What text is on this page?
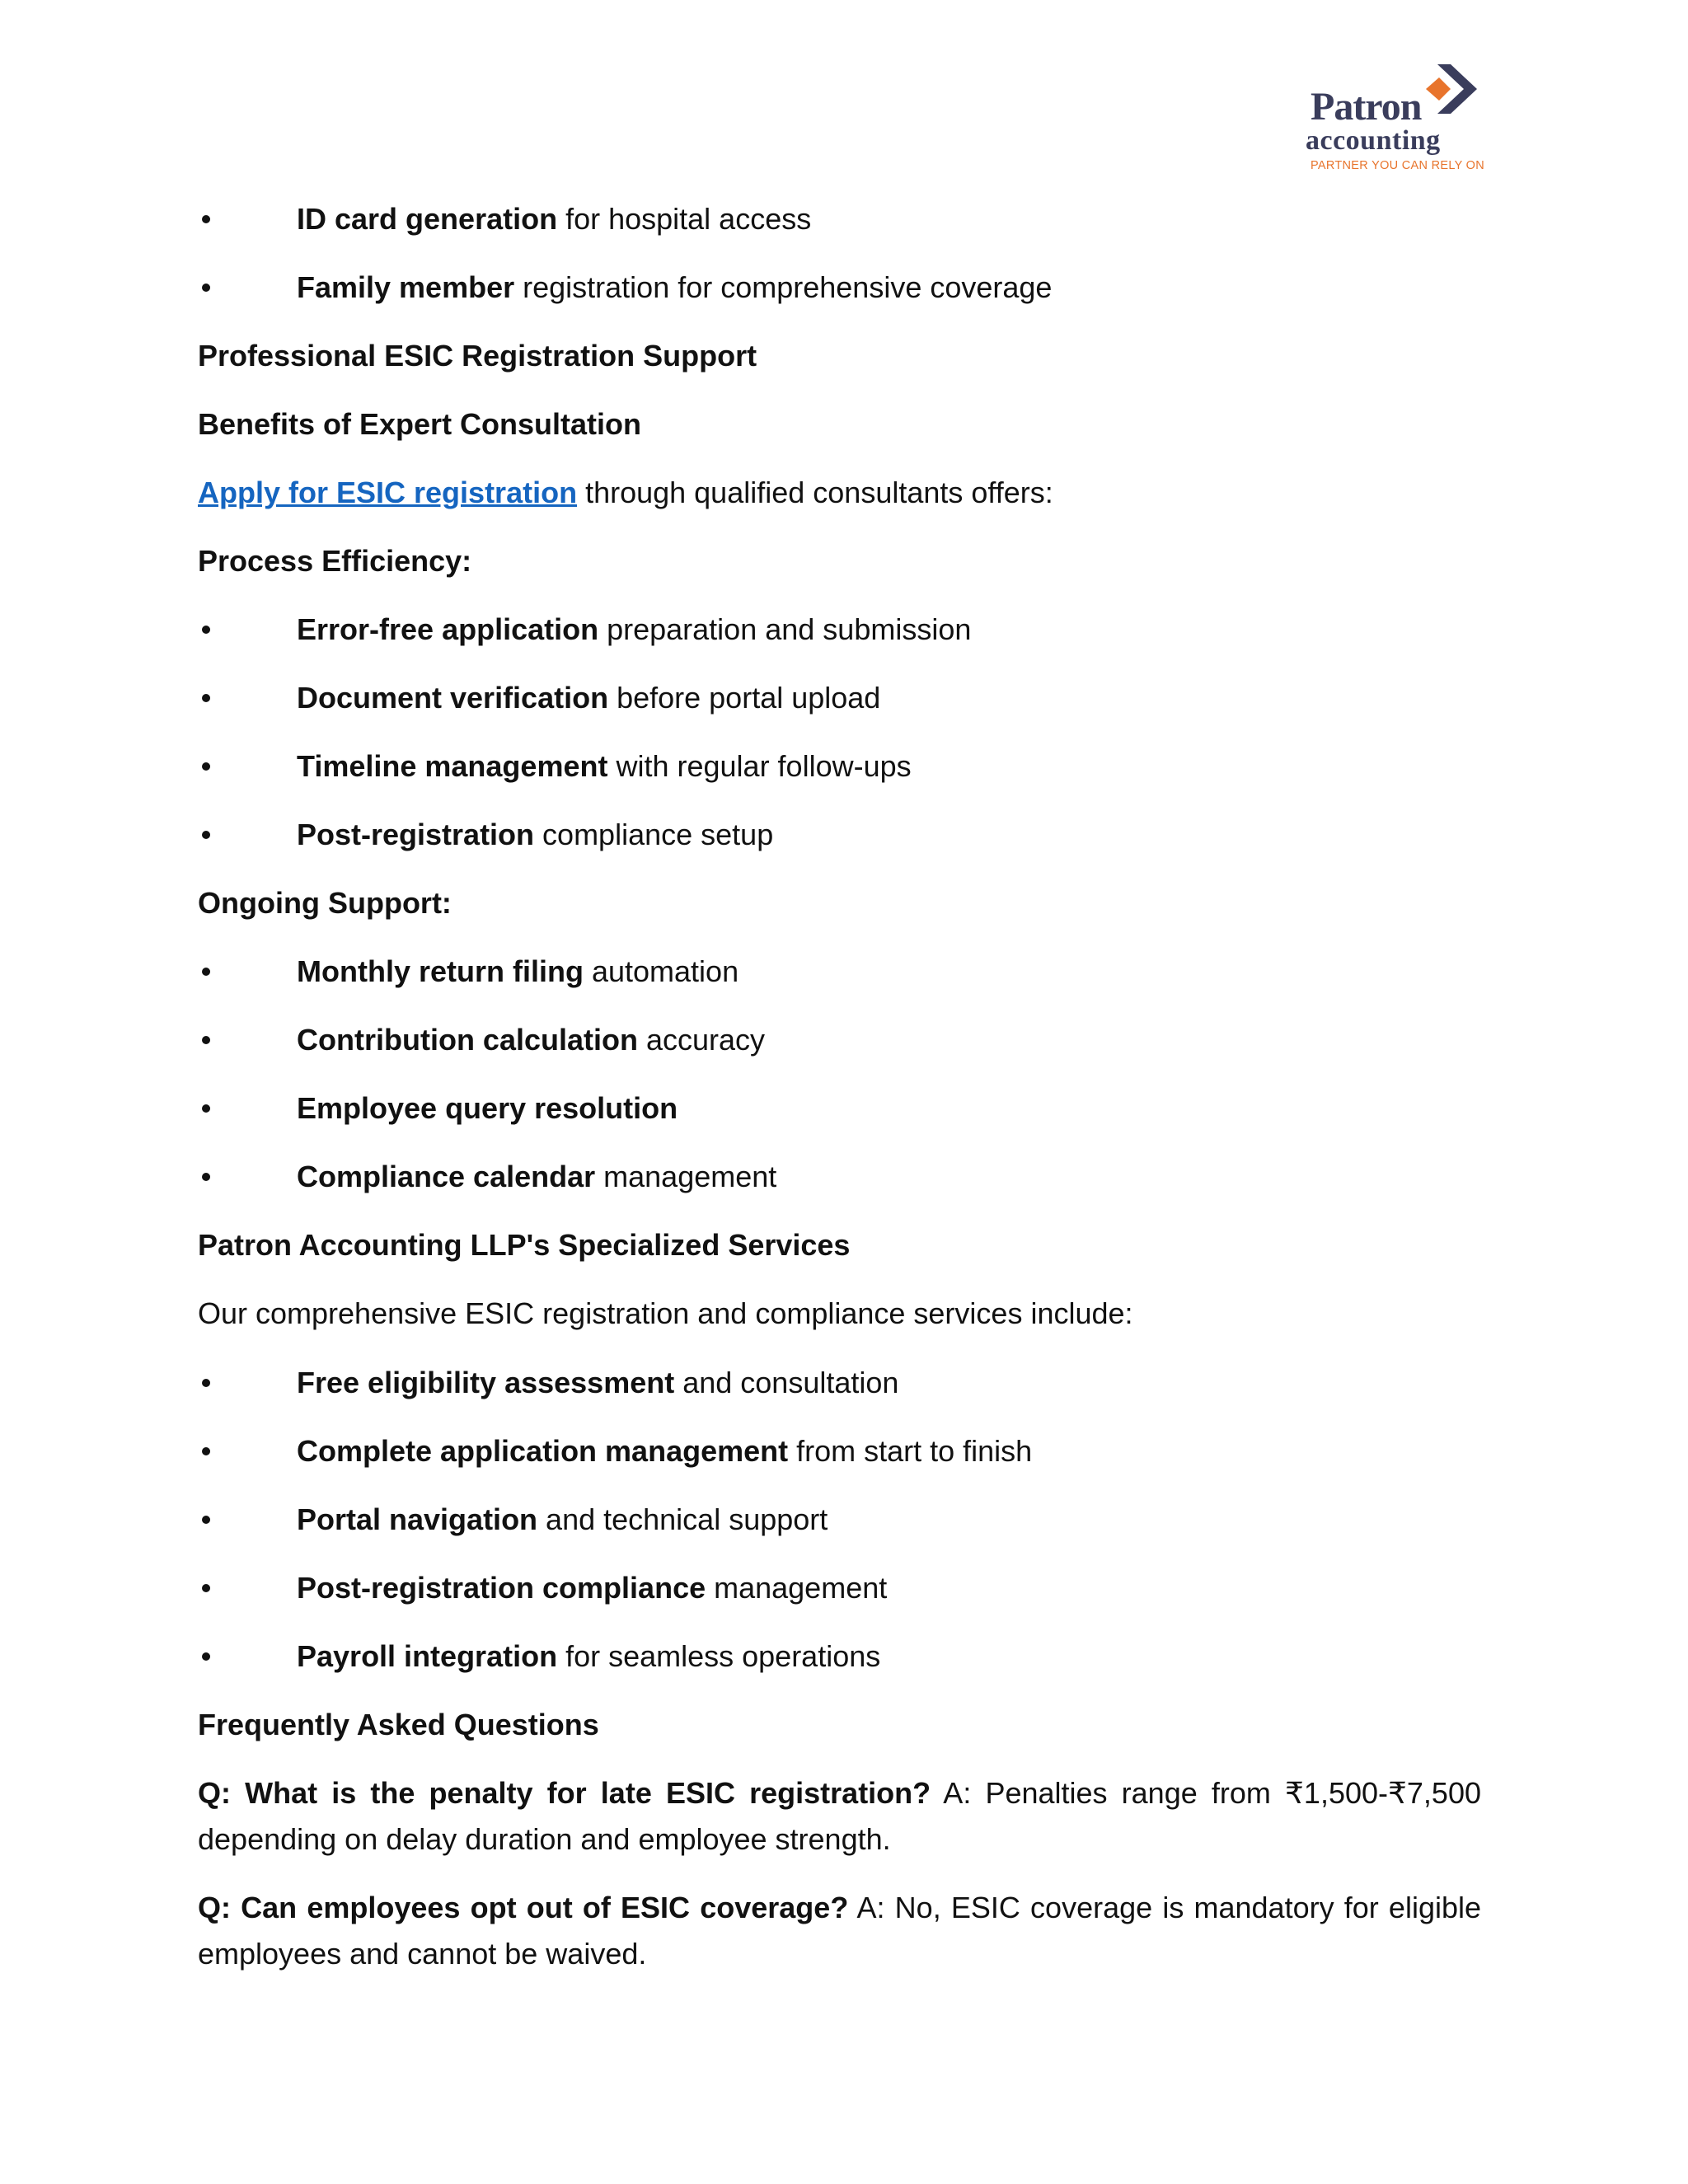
Patron
accounting
PARTNER YOU CAN RELY ON
ID card generation for hospital access
Family member registration for comprehensive coverage
Professional ESIC Registration Support
Benefits of Expert Consultation
Apply for ESIC registration through qualified consultants offers:
Process Efficiency:
Error-free application preparation and submission
Document verification before portal upload
Timeline management with regular follow-ups
Post-registration compliance setup
Ongoing Support:
Monthly return filing automation
Contribution calculation accuracy
Employee query resolution
Compliance calendar management
Patron Accounting LLP's Specialized Services
Our comprehensive ESIC registration and compliance services include:
Free eligibility assessment and consultation
Complete application management from start to finish
Portal navigation and technical support
Post-registration compliance management
Payroll integration for seamless operations
Frequently Asked Questions
Q: What is the penalty for late ESIC registration? A: Penalties range from ₹1,500-₹7,500 depending on delay duration and employee strength.
Q: Can employees opt out of ESIC coverage? A: No, ESIC coverage is mandatory for eligible employees and cannot be waived.
